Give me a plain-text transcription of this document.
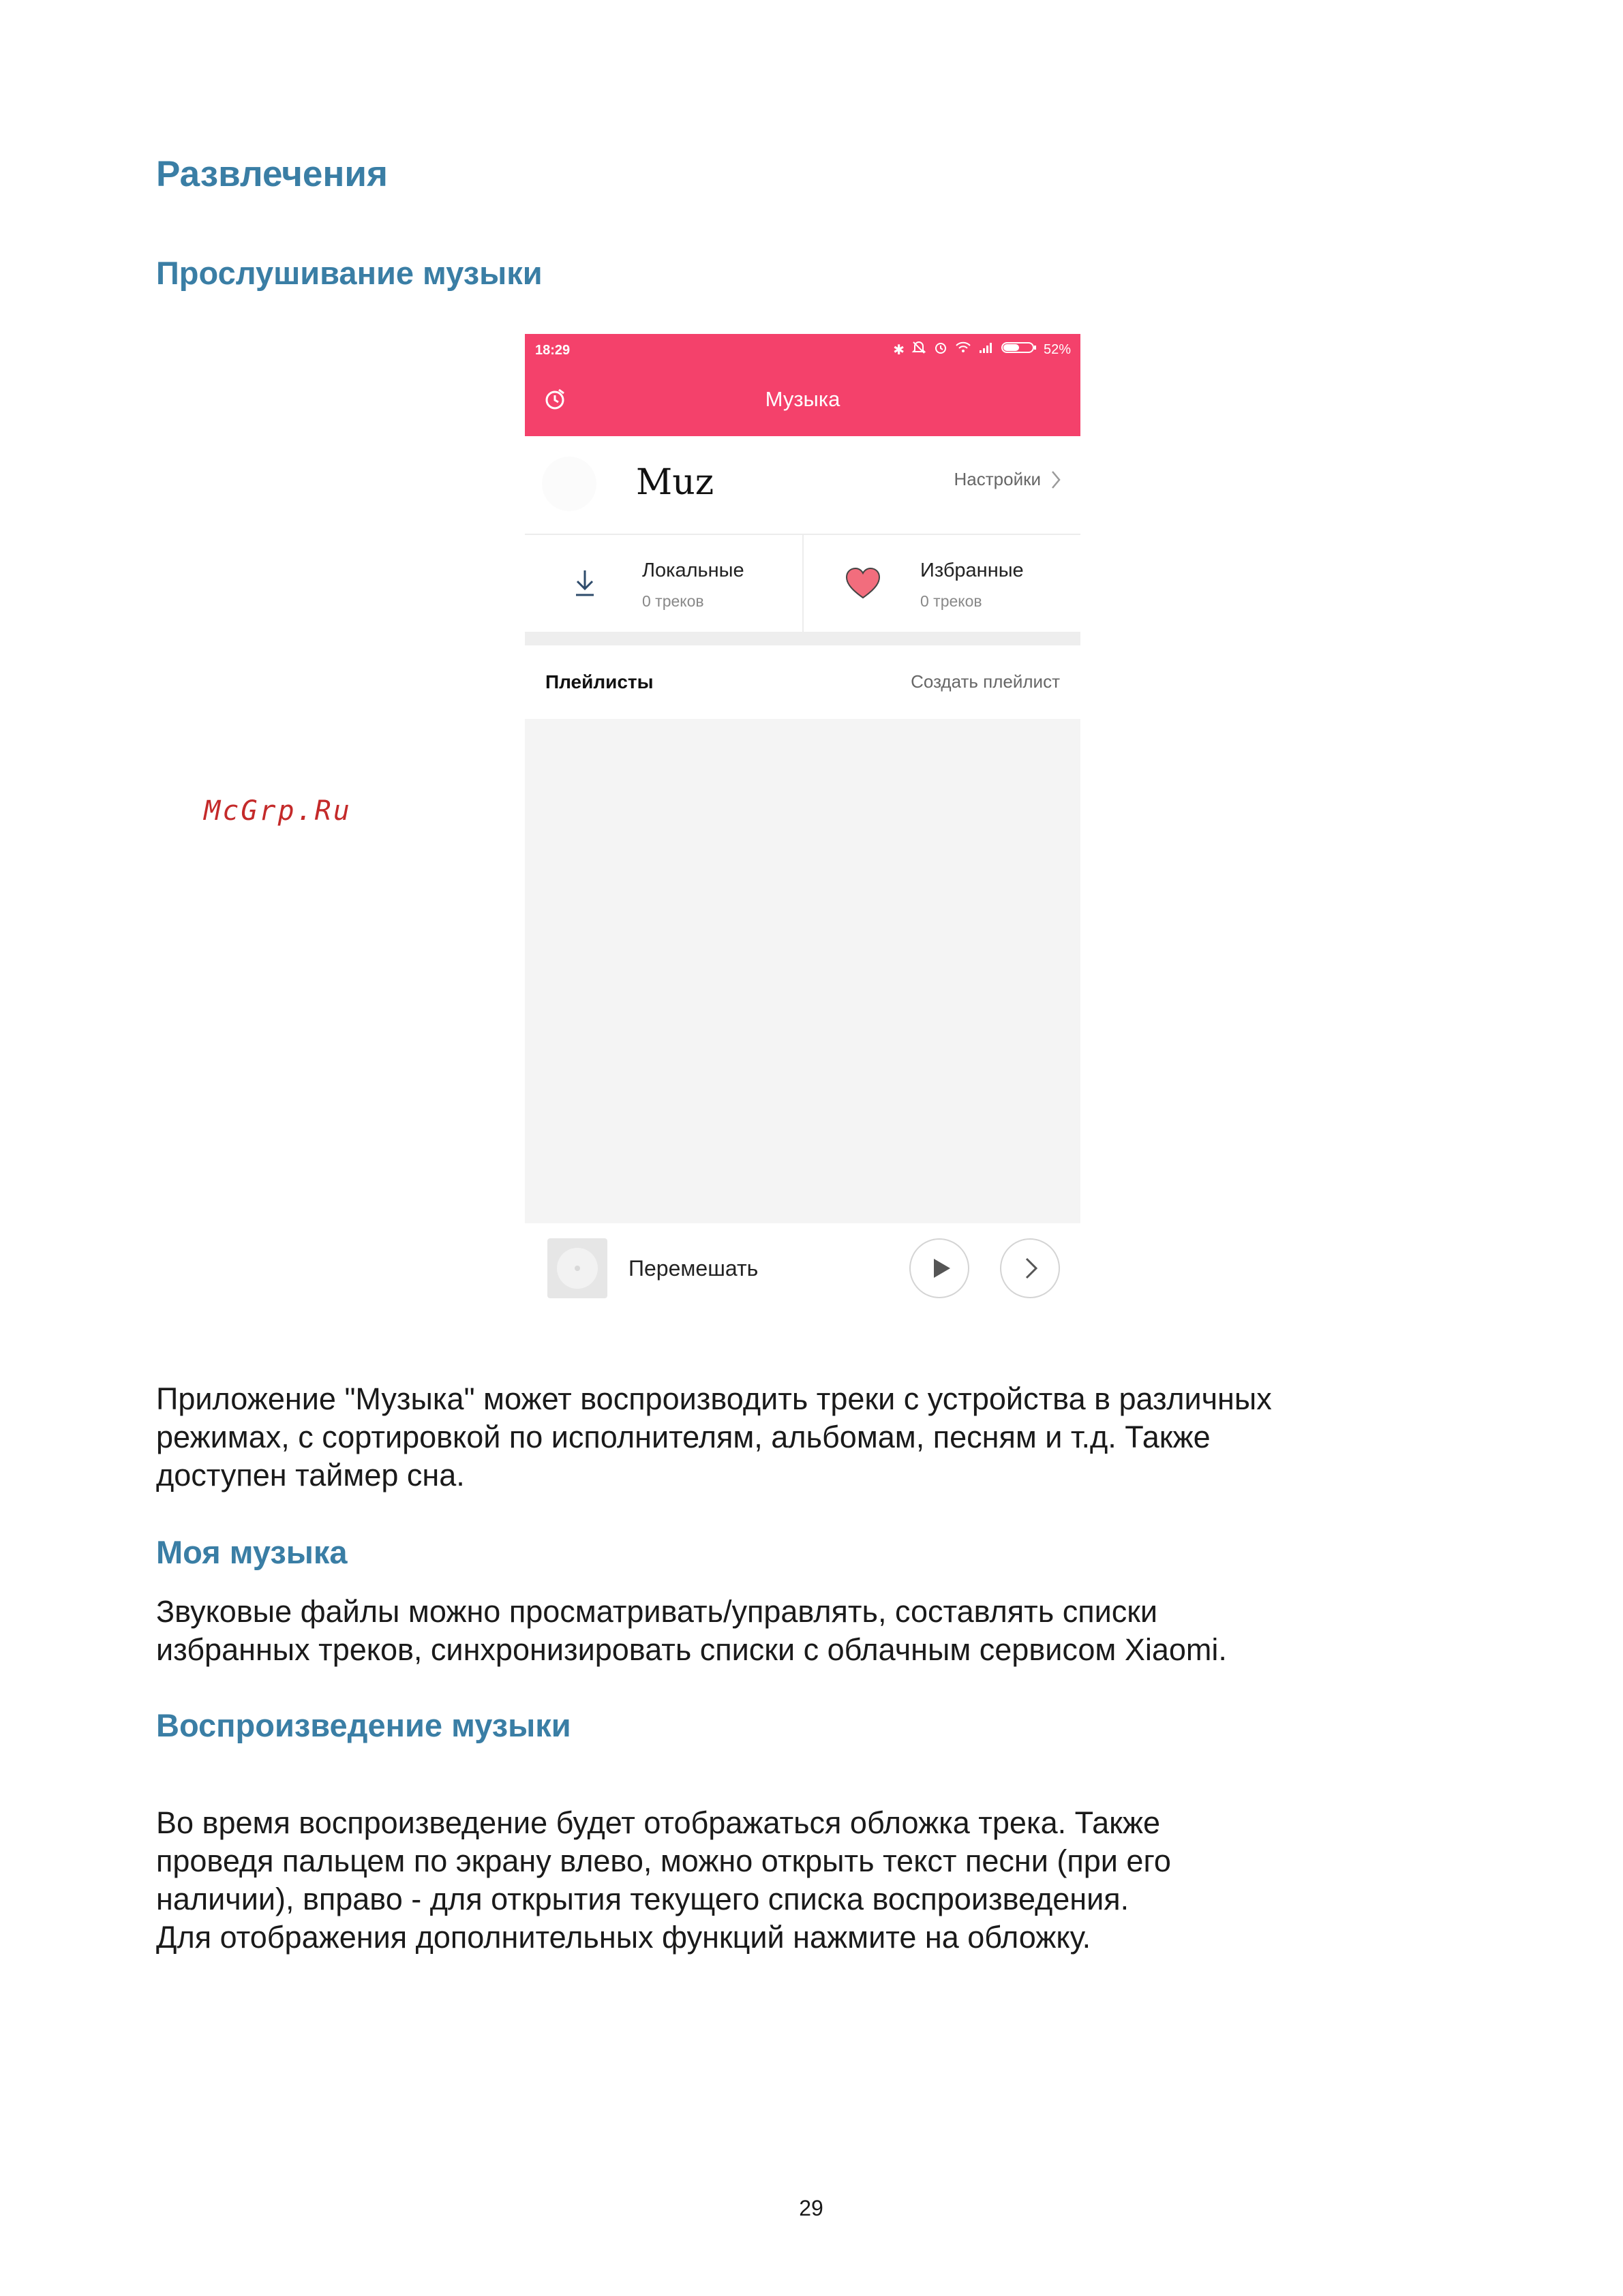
Развлечения
Прослушивание музыки
18:29	✱	52%
Музыка
Muz	Настройки
Локальные
0 треков
Избранные
0 треков
Плейлисты	Создать плейлист
Перемешать
McGrp.Ru
Приложение "Музыка" может воспроизводить треки с устройства в различных
режимах, с сортировкой по исполнителям, альбомам, песням и т.д. Также
доступен таймер сна.
Моя музыка
Звуковые файлы можно просматривать/управлять, составлять списки
избранных треков, синхронизировать списки с облачным сервисом Xiaomi.
Воспроизведение музыки
Во время воспроизведение будет отображаться обложка трека. Также
проведя пальцем по экрану влево, можно открыть текст песни (при его
наличии), вправо - для открытия текущего списка воспроизведения.
Для отображения дополнительных функций нажмите на обложку.
29
